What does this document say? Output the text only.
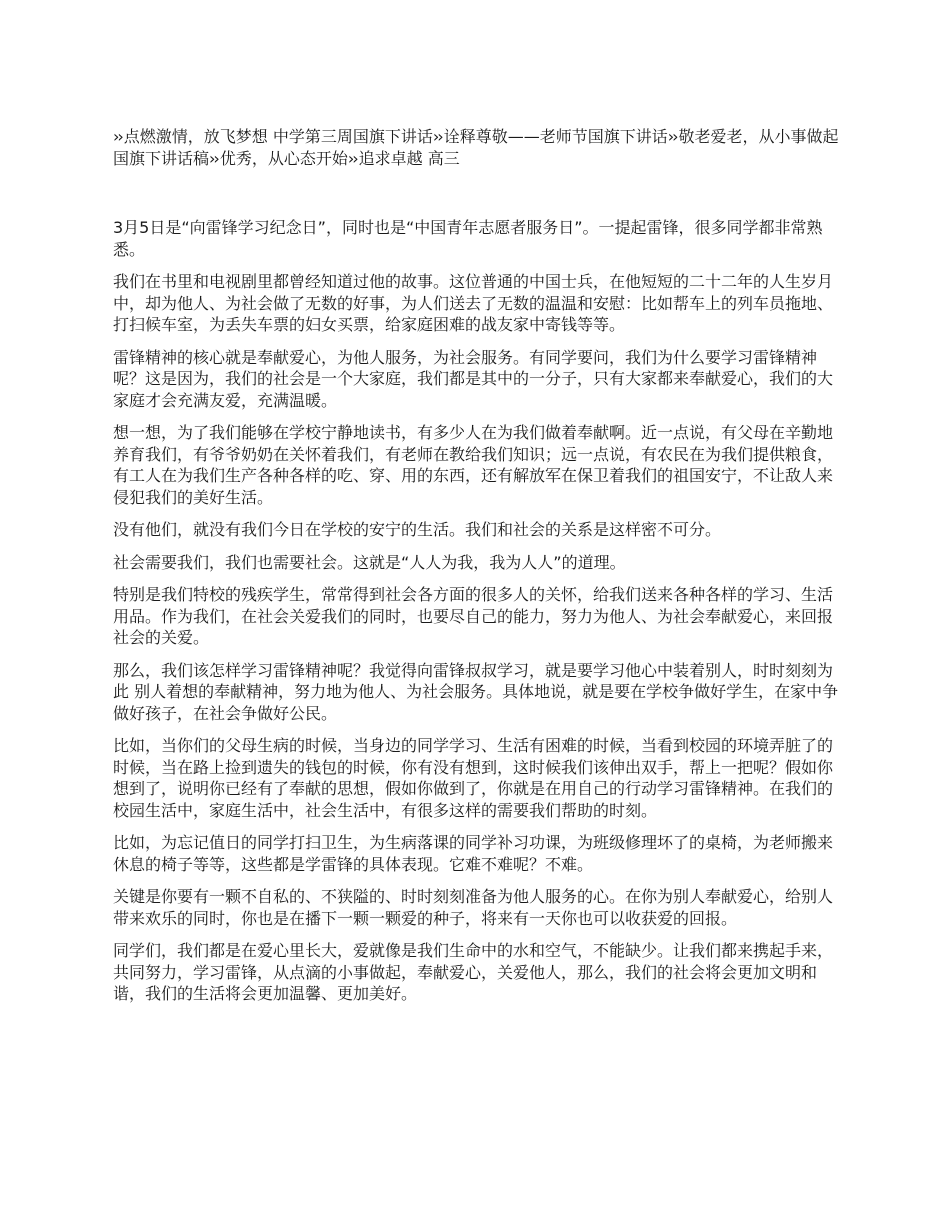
›› 点燃激情，放飞梦想 中学第三周国旗下讲话›› 诠释尊敬——老师节国旗下讲话›› 敬老爱老，从小事做起 国旗下讲话稿›› 优秀，从心态开始›› 追求卓越 高三

3月5日是“向雷锋学习纪念日”，同时也是“中国青年志愿者服务日”。一提起雷锋，很多同学都非常熟悉。

我们在书里和电视剧里都曾经知道过他的故事。这位普通的中国士兵，在他短短的二十二年的人生岁月中，却为他人、为社会做了无数的好事，为人们送去了无数的温温和安慰：比如帮车上的列车员拖地、打扫候车室，为丢失车票的妇女买票，给家庭困难的战友家中寄钱等等。

雷锋精神的核心就是奉献爱心，为他人服务，为社会服务。有同学要问，我们为什么要学习雷锋精神呢？这是因为，我们的社会是一个大家庭，我们都是其中的一分子，只有大家都来奉献爱心，我们的大家庭才会充满友爱，充满温暖。

想一想，为了我们能够在学校宁静地读书，有多少人在为我们做着奉献啊。近一点说，有父母在辛勤地养育我们，有爷爷奶奶在关怀着我们，有老师在教给我们知识；远一点说，有农民在为我们提供粮食，有工人在为我们生产各种各样的吃、穿、用的东西，还有解放军在保卫着我们的祖国安宁，不让敌人来侵犯我们的美好生活。

没有他们，就没有我们今日在学校的安宁的生活。我们和社会的关系是这样密不可分。

社会需要我们，我们也需要社会。这就是“人人为我，我为人人”的道理。

特别是我们特校的残疾学生，常常得到社会各方面的很多人的关怀，给我们送来各种各样的学习、生活用品。作为我们，在社会关爱我们的同时，也要尽自己的能力，努力为他人、为社会奉献爱心，来回报社会的关爱。

那么，我们该怎样学习雷锋精神呢？我觉得向雷锋叔叔学习，就是要学习他心中装着别人，时时刻刻为此 别人着想的奉献精神，努力地为他人、为社会服务。具体地说，就是要在学校争做好学生，在家中争做好孩子，在社会争做好公民。

比如，当你们的父母生病的时候，当身边的同学学习、生活有困难的时候，当看到校园的环境弄脏了的时候，当在路上捡到遗失的钱包的时候，你有没有想到，这时候我们该伸出双手，帮上一把呢？假如你想到了，说明你已经有了奉献的思想，假如你做到了，你就是在用自己的行动学习雷锋精神。在我们的校园生活中，家庭生活中，社会生活中，有很多这样的需要我们帮助的时刻。

比如，为忘记值日的同学打扫卫生，为生病落课的同学补习功课，为班级修理坏了的桌椅，为老师搬来休息的椅子等等，这些都是学雷锋的具体表现。它难不难呢？不难。

关键是你要有一颗不自私的、不狭隘的、时时刻刻准备为他人服务的心。在你为别人奉献爱心，给别人带来欢乐的同时，你也是在播下一颗一颗爱的种子，将来有一天你也可以收获爱的回报。

同学们，我们都是在爱心里长大，爱就像是我们生命中的水和空气，不能缺少。让我们都来携起手来，共同努力，学习雷锋，从点滴的小事做起，奉献爱心，关爱他人，那么，我们的社会将会更加文明和谐，我们的生活将会更加温馨、更加美好。
